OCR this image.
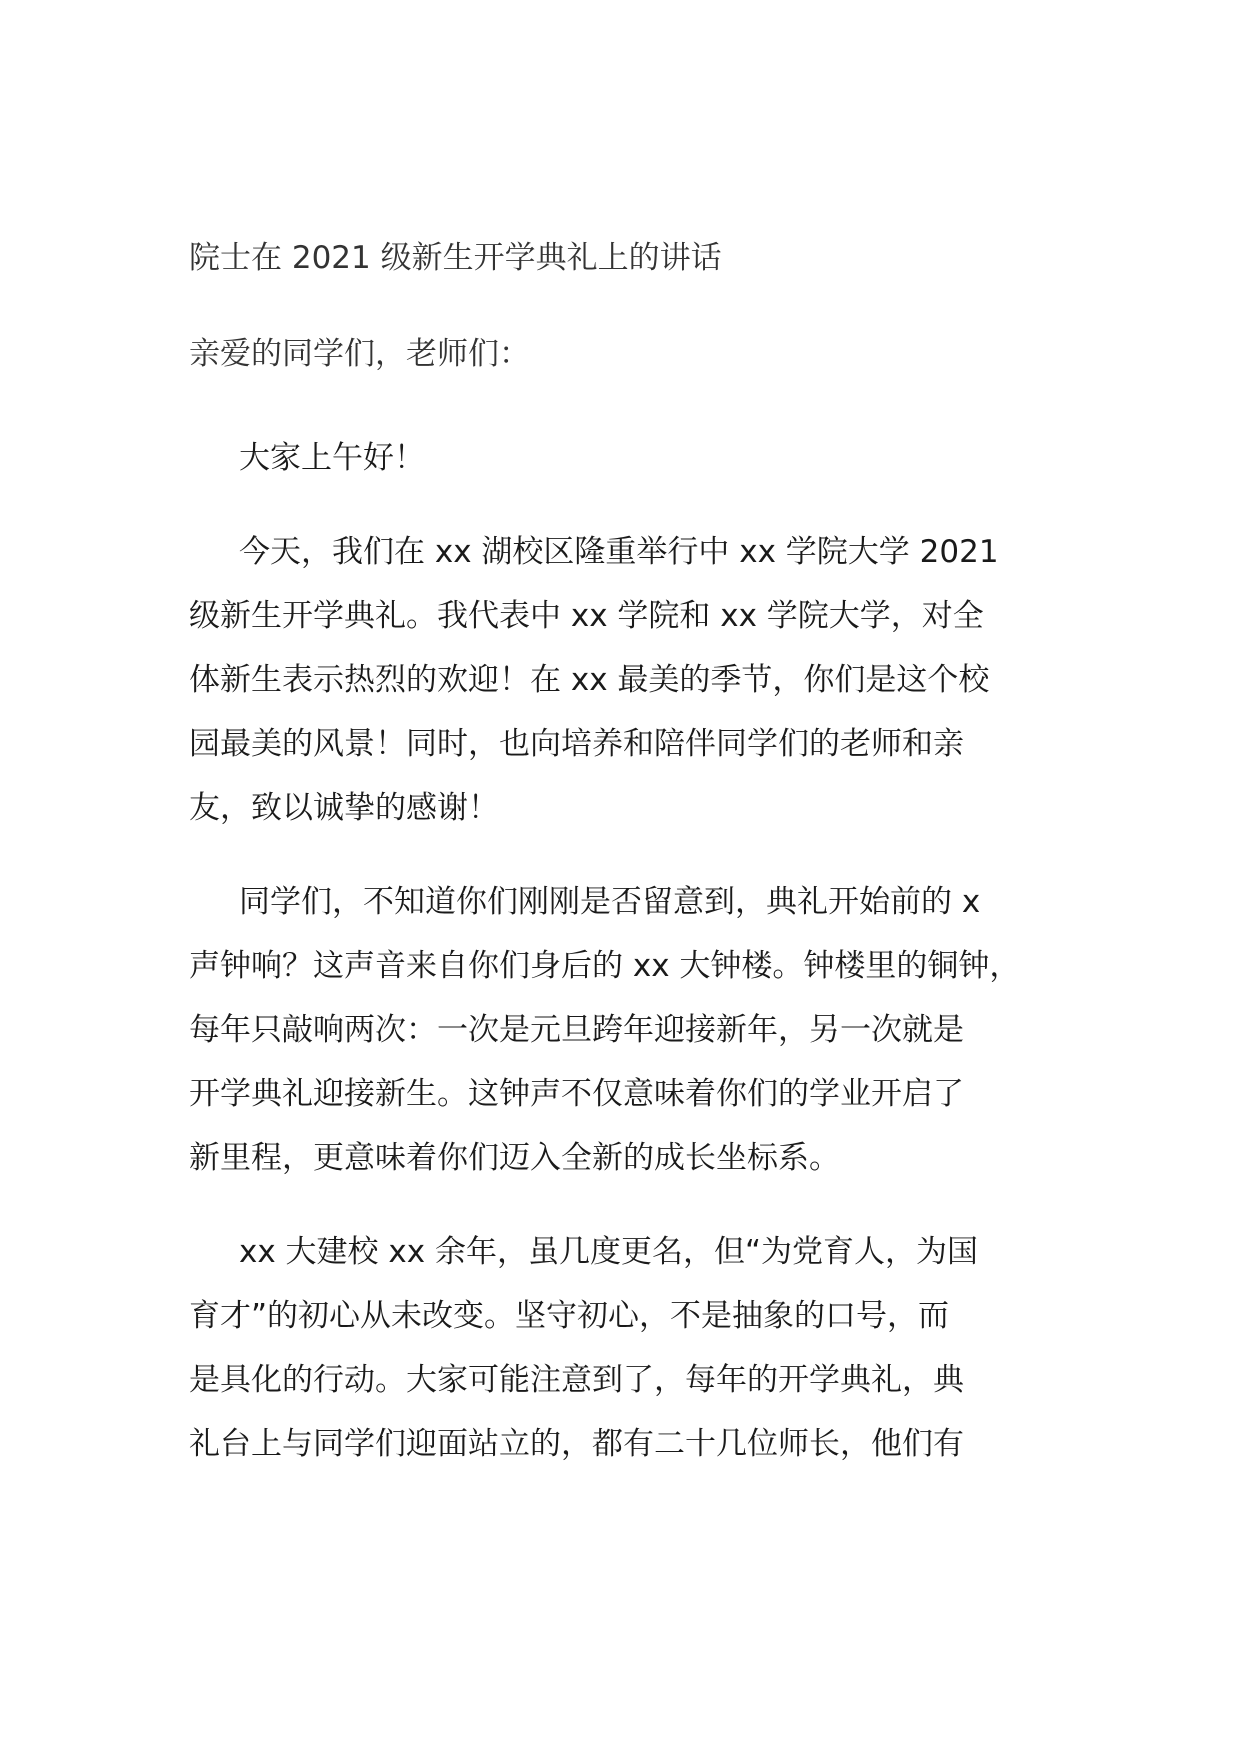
院士在 2021 级新生开学典礼上的讲话
亲爱的同学们，老师们：
大家上午好！
今天，我们在 xx 湖校区隆重举行中 xx 学院大学 2021
级新生开学典礼。我代表中 xx 学院和 xx 学院大学，对全
体新生表示热烈的欢迎！在 xx 最美的季节，你们是这个校
园最美的风景！同时，也向培养和陪伴同学们的老师和亲
友，致以诚挚的感谢！
同学们，不知道你们刚刚是否留意到，典礼开始前的 x
声钟响？这声音来自你们身后的 xx 大钟楼。钟楼里的铜钟，
每年只敲响两次：一次是元旦跨年迎接新年，另一次就是
开学典礼迎接新生。这钟声不仅意味着你们的学业开启了
新里程，更意味着你们迈入全新的成长坐标系。
xx 大建校 xx 余年，虽几度更名，但“为党育人，为国
育才”的初心从未改变。坚守初心，不是抽象的口号，而
是具化的行动。大家可能注意到了，每年的开学典礼，典
礼台上与同学们迎面站立的，都有二十几位师长，他们有
